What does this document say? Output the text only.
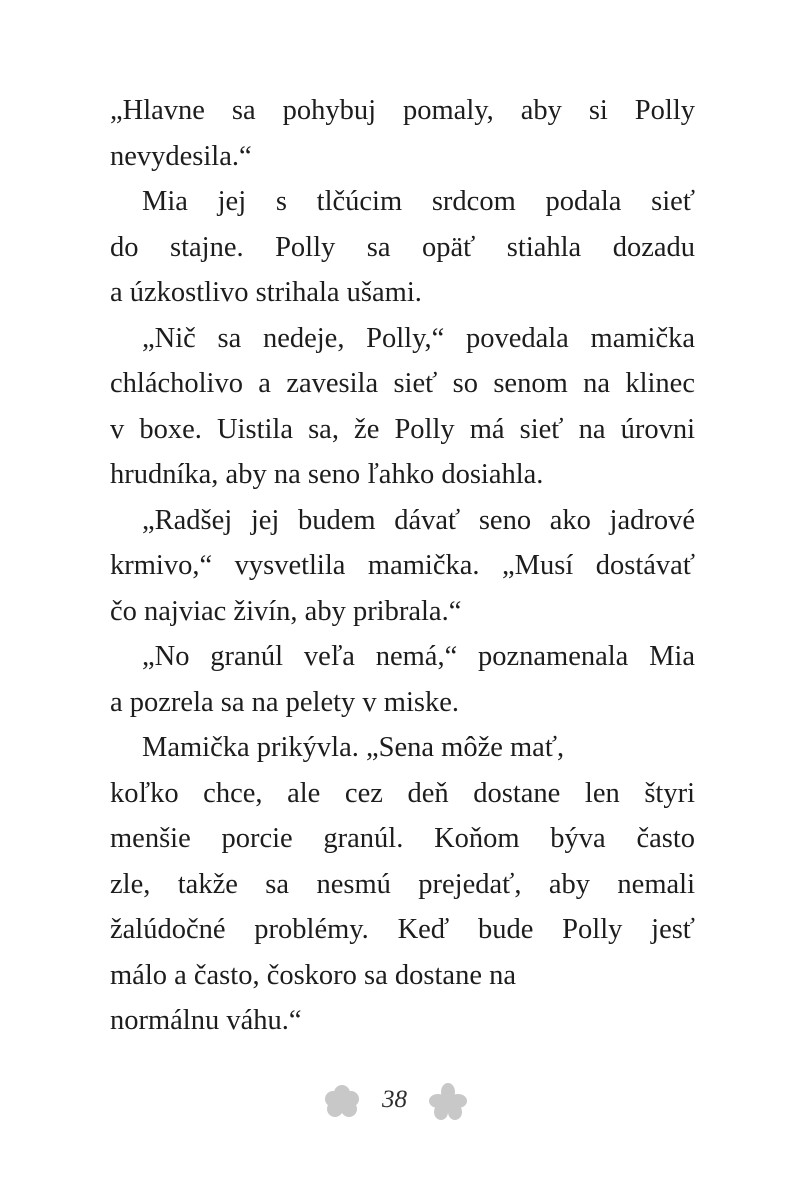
„Hlavne sa pohybuj pomaly, aby si Polly
nevydesila.“
Mia jej s tlčúcim srdcom podala sieť
do stajne. Polly sa opäť stiahla dozadu
a úzkostlivo strihala ušami.
„Nič sa nedeje, Polly,“ povedala mamička
chlácholivo a zavesila sieť so senom na klinec
v boxe. Uistila sa, že Polly má sieť na úrovni
hrudníka, aby na seno ľahko dosiahla.
„Radšej jej budem dávať seno ako jadrové
krmivo,“ vysvetlila mamička. „Musí dostávať
čo najviac živín, aby pribrala.“
„No granúl veľa nemá,“ poznamenala Mia
a pozrela sa na pelety v miske.
Mamička prikývla. „Sena môže mať,
koľko chce, ale cez deň dostane len štyri
menšie porcie granúl. Koňom býva často
zle, takže sa nesmú prejedať, aby nemali
žalúdočné problémy. Keď bude Polly jesť
málo a často, čoskoro sa dostane na
normálnu váhu.“
38
